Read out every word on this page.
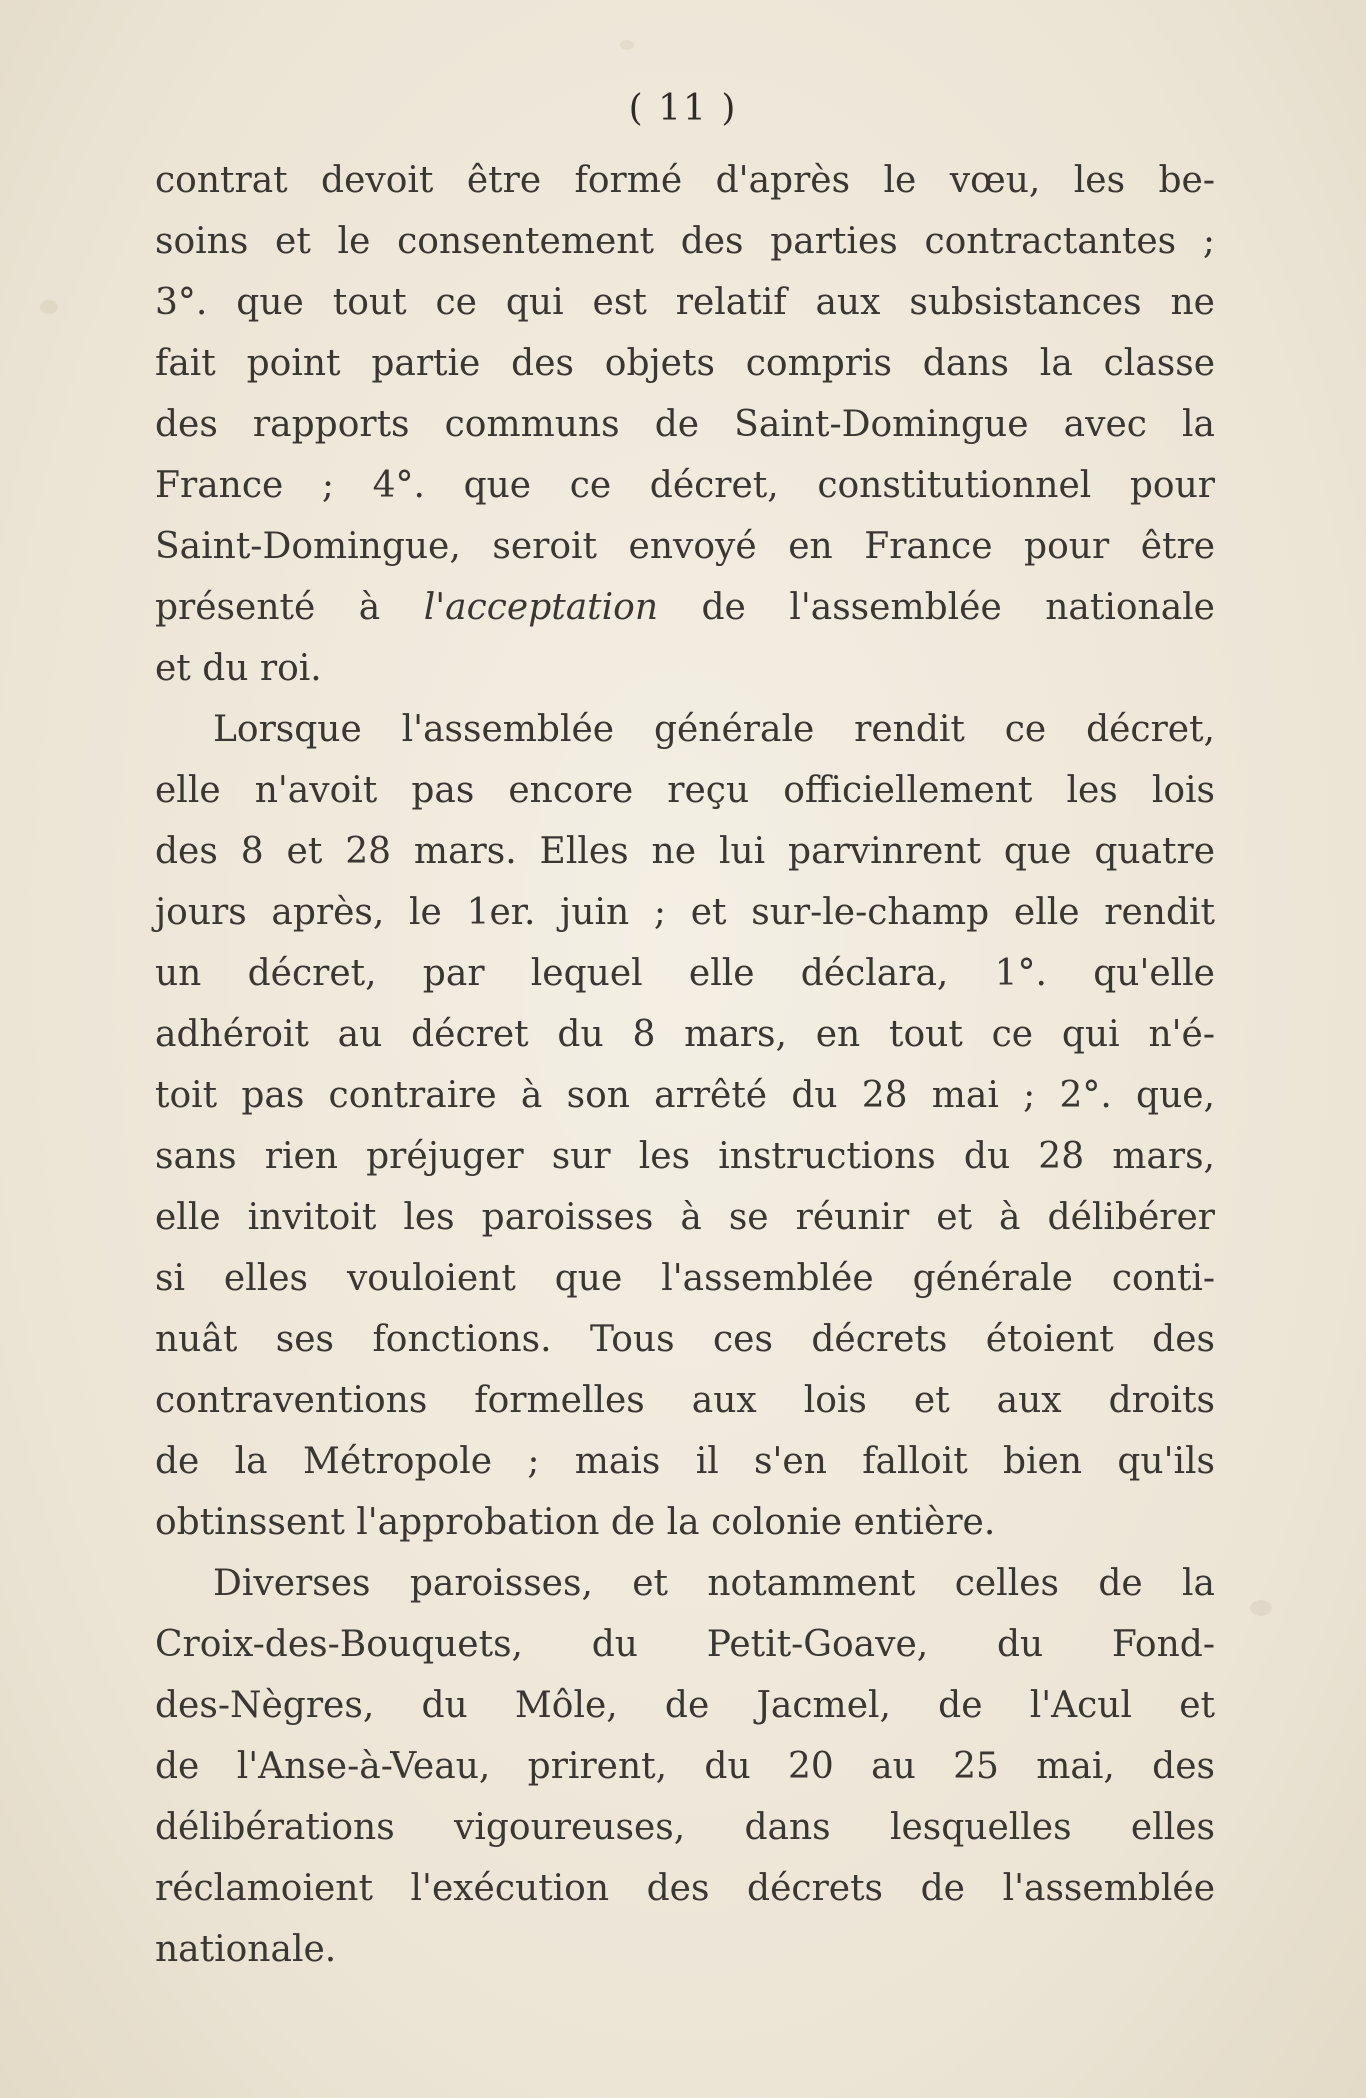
( 11 )
contrat devoit être formé d'après le vœu, les be-
soins et le consentement des parties contractantes ;
3°. que tout ce qui est relatif aux subsistances ne
fait point partie des objets compris dans la classe
des rapports communs de Saint-Domingue avec la
France ; 4°. que ce décret, constitutionnel pour
Saint-Domingue, seroit envoyé en France pour être
présenté à l'acceptation de l'assemblée nationale
et du roi.
Lorsque l'assemblée générale rendit ce décret,
elle n'avoit pas encore reçu officiellement les lois
des 8 et 28 mars. Elles ne lui parvinrent que quatre
jours après, le 1er. juin ; et sur-le-champ elle rendit
un décret, par lequel elle déclara, 1°. qu'elle
adhéroit au décret du 8 mars, en tout ce qui n'é-
toit pas contraire à son arrêté du 28 mai ; 2°. que,
sans rien préjuger sur les instructions du 28 mars,
elle invitoit les paroisses à se réunir et à délibérer
si elles vouloient que l'assemblée générale conti-
nuât ses fonctions. Tous ces décrets étoient des
contraventions formelles aux lois et aux droits
de la Métropole ; mais il s'en falloit bien qu'ils
obtinssent l'approbation de la colonie entière.
Diverses paroisses, et notamment celles de la
Croix-des-Bouquets, du Petit-Goave, du Fond-
des-Nègres, du Môle, de Jacmel, de l'Acul et
de l'Anse-à-Veau, prirent, du 20 au 25 mai, des
délibérations vigoureuses, dans lesquelles elles
réclamoient l'exécution des décrets de l'assemblée
nationale.
